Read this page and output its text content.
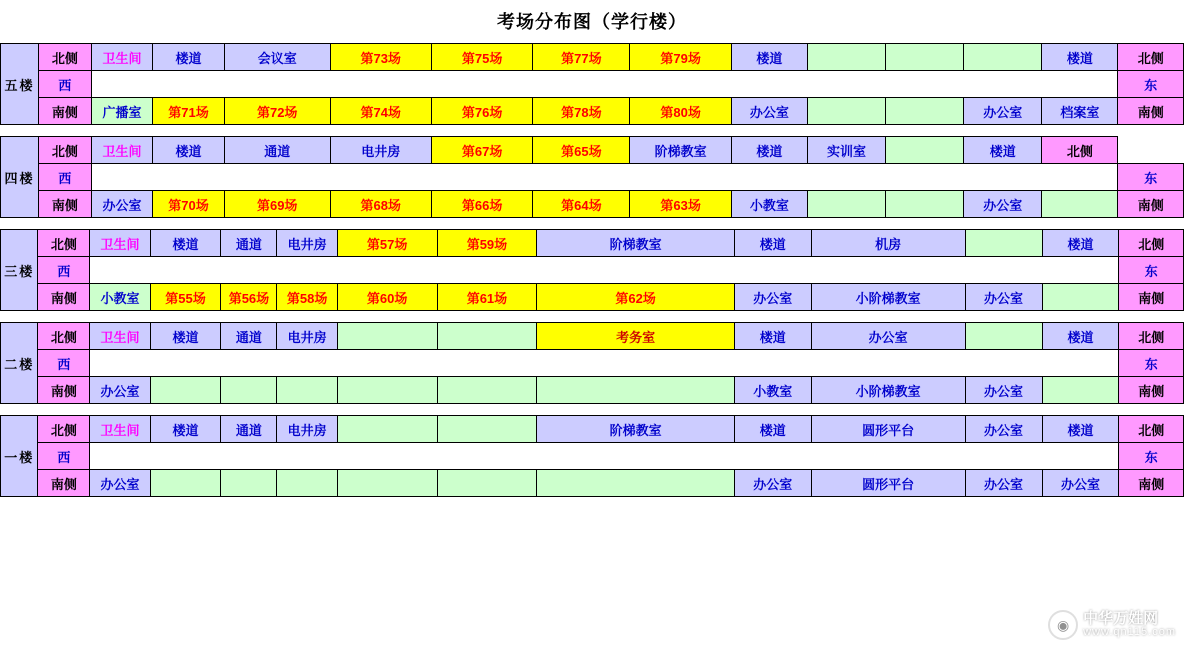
考场分布图（学行楼）
五楼	北侧	卫生间	楼道	会议室	第73场	第75场	第77场	第79场	楼道				楼道	北侧
	西													东
	南侧	广播室	第71场	第72场	第74场	第76场	第78场	第80场	办公室			办公室	档案室	南侧
四楼	北侧	卫生间	楼道	通道	电井房	第67场	第65场	阶梯教室	楼道	实训室		楼道	北侧	
	西													东
	南侧	办公室	第70场	第69场	第68场	第66场	第64场	第63场	小教室			办公室		南侧
三楼	北侧	卫生间	楼道	通道	电井房	第57场	第59场	阶梯教室	楼道	机房		楼道	北侧
	西												东
	南侧	小教室	第55场	第56场	第58场	第60场	第61场	第62场	办公室	小阶梯教室	办公室		南侧
二楼	北侧	卫生间	楼道	通道	电井房			考务室	楼道	办公室		楼道	北侧
	西												东
	南侧	办公室							小教室	小阶梯教室	办公室		南侧
一楼	北侧	卫生间	楼道	通道	电井房			阶梯教室	楼道	圆形平台	办公室	楼道	北侧
	西												东
	南侧	办公室							办公室	圆形平台	办公室	办公室	南侧
◉ 中华万姓网
www.qn115.com
